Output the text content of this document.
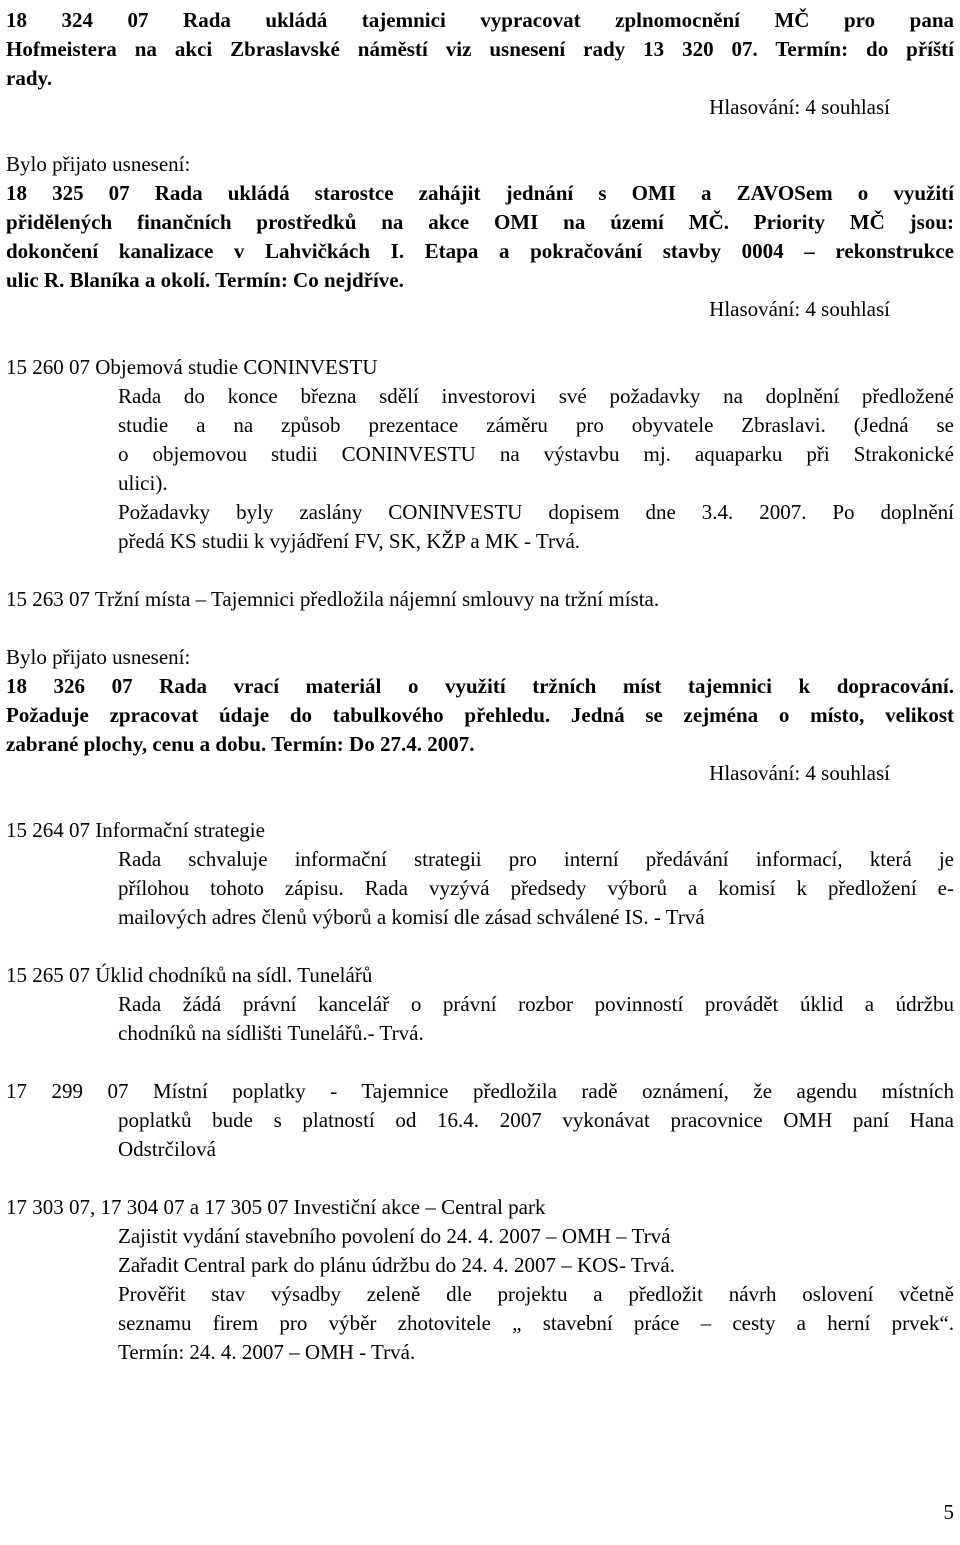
18 324 07 Rada ukládá tajemnici vypracovat zplnomocnění MČ pro pana
Hofmeistera na akci Zbraslavské náměstí viz usnesení rady 13 320 07. Termín: do příští
rady.
Hlasování: 4 souhlasí
Bylo přijato usnesení:
18 325 07 Rada ukládá starostce zahájit jednání s OMI a ZAVOSem o využití
přidělených finančních prostředků na akce OMI na území MČ. Priority MČ jsou:
dokončení kanalizace v Lahvičkách I. Etapa a pokračování stavby 0004 – rekonstrukce
ulic R. Blaníka a okolí. Termín: Co nejdříve.
Hlasování: 4 souhlasí
15 260 07 Objemová studie CONINVESTU
Rada do konce března sdělí investorovi své požadavky na doplnění předložené
studie a na způsob prezentace záměru pro obyvatele Zbraslavi. (Jedná se
o objemovou studii CONINVESTU na výstavbu mj. aquaparku při Strakonické
ulici).
Požadavky byly zaslány CONINVESTU dopisem dne 3.4. 2007. Po doplnění
předá KS studii k vyjádření FV, SK, KŽP a MK - Trvá.
15 263 07 Tržní místa – Tajemnici předložila nájemní smlouvy na tržní místa.
Bylo přijato usnesení:
18 326 07 Rada vrací materiál o využití tržních míst tajemnici k dopracování.
Požaduje zpracovat údaje do tabulkového přehledu. Jedná se zejména o místo, velikost
zabrané plochy, cenu a dobu. Termín: Do 27.4. 2007.
Hlasování: 4 souhlasí
15 264 07 Informační strategie
Rada schvaluje informační strategii pro interní předávání informací, která je
přílohou tohoto zápisu. Rada vyzývá předsedy výborů a komisí k předložení e-
mailových adres členů výborů a komisí dle zásad schválené IS. - Trvá
15 265 07 Úklid chodníků na sídl. Tunelářů
Rada žádá právní kancelář o právní rozbor povinností provádět úklid a údržbu
chodníků na sídlišti Tunelářů.- Trvá.
17 299 07 Místní poplatky - Tajemnice předložila radě oznámení, že agendu místních
poplatků bude s platností od 16.4. 2007 vykonávat pracovnice OMH paní Hana
Odstrčilová
17 303 07, 17 304 07 a 17 305 07 Investiční akce – Central park
Zajistit vydání stavebního povolení do 24. 4. 2007 – OMH – Trvá
Zařadit Central park do plánu údržbu do 24. 4. 2007 – KOS- Trvá.
Prověřit stav výsadby zeleně dle projektu a předložit návrh oslovení včetně
seznamu firem pro výběr zhotovitele „ stavební práce – cesty a herní prvek“.
Termín: 24. 4. 2007 – OMH - Trvá.
5
